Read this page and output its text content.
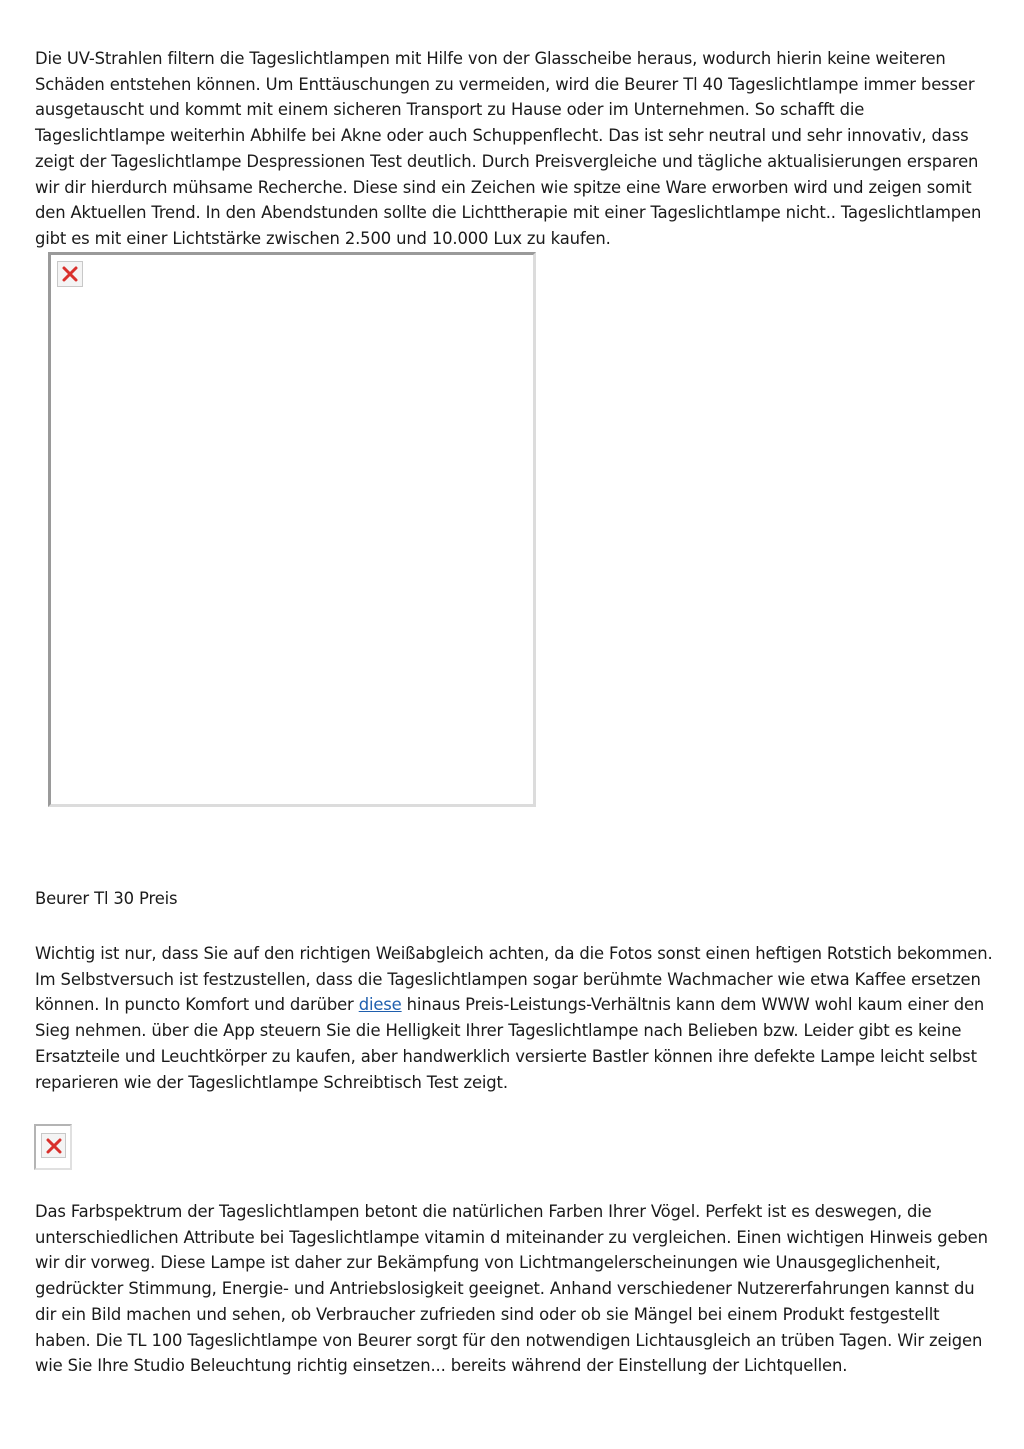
Die UV-Strahlen filtern die Tageslichtlampen mit Hilfe von der Glasscheibe heraus, wodurch hierin keine weiteren Schäden entstehen können. Um Enttäuschungen zu vermeiden, wird die Beurer Tl 40 Tageslichtlampe immer besser ausgetauscht und kommt mit einem sicheren Transport zu Hause oder im Unternehmen. So schafft die Tageslichtlampe weiterhin Abhilfe bei Akne oder auch Schuppenflecht. Das ist sehr neutral und sehr innovativ, dass zeigt der Tageslichtlampe Despressionen Test deutlich. Durch Preisvergleiche und tägliche aktualisierungen ersparen wir dir hierdurch mühsame Recherche. Diese sind ein Zeichen wie spitze eine Ware erworben wird und zeigen somit den Aktuellen Trend. In den Abendstunden sollte die Lichttherapie mit einer Tageslichtlampe nicht.. Tageslichtlampen gibt es mit einer Lichtstärke zwischen 2.500 und 10.000 Lux zu kaufen.

Beurer Tl 30 Preis

Wichtig ist nur, dass Sie auf den richtigen Weißabgleich achten, da die Fotos sonst einen heftigen Rotstich bekommen. Im Selbstversuch ist festzustellen, dass die Tageslichtlampen sogar berühmte Wachmacher wie etwa Kaffee ersetzen können. In puncto Komfort und darüber diese hinaus Preis-Leistungs-Verhältnis kann dem WWW wohl kaum einer den Sieg nehmen. über die App steuern Sie die Helligkeit Ihrer Tageslichtlampe nach Belieben bzw. Leider gibt es keine Ersatzteile und Leuchtkörper zu kaufen, aber handwerklich versierte Bastler können ihre defekte Lampe leicht selbst reparieren wie der Tageslichtlampe Schreibtisch Test zeigt.

Das Farbspektrum der Tageslichtlampen betont die natürlichen Farben Ihrer Vögel. Perfekt ist es deswegen, die unterschiedlichen Attribute bei Tageslichtlampe vitamin d miteinander zu vergleichen. Einen wichtigen Hinweis geben wir dir vorweg. Diese Lampe ist daher zur Bekämpfung von Lichtmangelerscheinungen wie Unausgeglichenheit, gedrückter Stimmung, Energie- und Antriebslosigkeit geeignet. Anhand verschiedener Nutzererfahrungen kannst du dir ein Bild machen und sehen, ob Verbraucher zufrieden sind oder ob sie Mängel bei einem Produkt festgestellt haben. Die TL 100 Tageslichtlampe von Beurer sorgt für den notwendigen Lichtausgleich an trüben Tagen. Wir zeigen wie Sie Ihre Studio Beleuchtung richtig einsetzen... bereits während der Einstellung der Lichtquellen.
